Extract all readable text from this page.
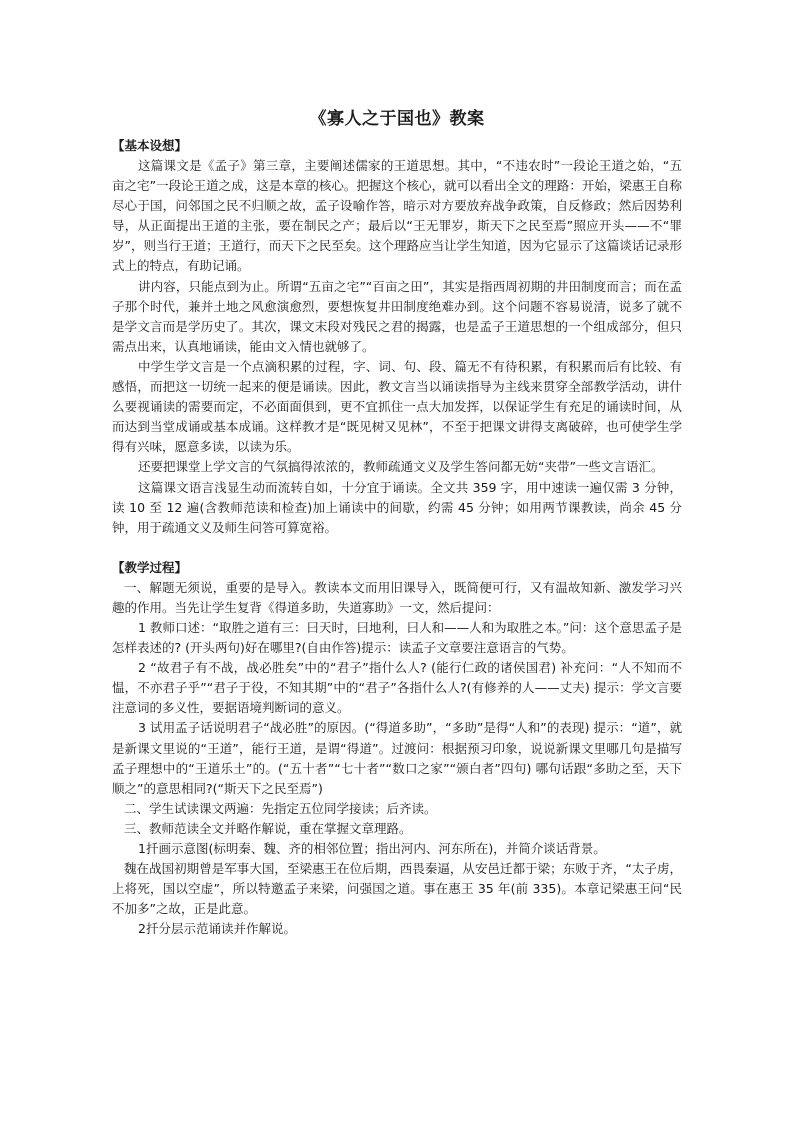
《寡人之于国也》教案
【基本设想】

这篇课文是《孟子》第三章，主要阐述儒家的王道思想。其中，“不违农时”一段论王道之始，“五亩之宅”一段论王道之成，这是本章的核心。把握这个核心，就可以看出全文的理路：开始，梁惠王自称尽心于国，问邻国之民不归顺之故，孟子设喻作答，暗示对方要放弃战争政策，自反修政；然后因势利导，从正面提出王道的主张，要在制民之产；最后以“王无罪岁，斯天下之民至焉”照应开头——不“罪岁”，则当行王道；王道行，而天下之民至矣。这个理路应当让学生知道，因为它显示了这篇谈话记录形式上的特点，有助记诵。

讲内容，只能点到为止。所谓“五亩之宅”“百亩之田”，其实是指西周初期的井田制度而言；而在孟子那个时代，兼并土地之风愈演愈烈，要想恢复井田制度绝难办到。这个问题不容易说清，说多了就不是学文言而是学历史了。其次，课文末段对残民之君的揭露，也是孟子王道思想的一个组成部分，但只需点出来，认真地诵读，能由文入情也就够了。

中学生学文言是一个点滴积累的过程，字、词、句、段、篇无不有待积累，有积累而后有比较、有感悟，而把这一切统一起来的便是诵读。因此，教文言当以诵读指导为主线来贯穿全部教学活动，讲什么要视诵读的需要而定，不必面面俱到，更不宜抓住一点大加发挥，以保证学生有充足的诵读时间，从而达到当堂成诵或基本成诵。这样教才是“既见树又见林”，不至于把课文讲得支离破碎，也可使学生学得有兴味，愿意多读，以读为乐。

还要把课堂上学文言的气氛搞得浓浓的，教师疏通文义及学生答问都无妨“夹带”一些文言语汇。

这篇课文语言浅显生动而流转自如，十分宜于诵读。全文共 359 字，用中速读一遍仅需 3 分钟，读 10 至 12 遍(含教师范读和检查)加上诵读中的间歇，约需 45 分钟；如用两节课教读，尚余 45 分钟，用于疏通文义及师生问答可算宽裕。

【教学过程】

一、解题无须说，重要的是导入。教读本文而用旧课导入，既简便可行，又有温故知新、激发学习兴趣的作用。当先让学生复背《得道多助，失道寡助》一文，然后提问：

1 教师口述：“取胜之道有三：曰天时，曰地利，曰人和——人和为取胜之本。”问：这个意思孟子是怎样表述的? (开头两句)好在哪里?(自由作答)提示：读孟子文章要注意语言的气势。

2 “故君子有不战，战必胜矣”中的“君子”指什么人? (能行仁政的诸侯国君) 补充问：“人不知而不愠，不亦君子乎”“君子于役，不知其期”中的“君子”各指什么人?(有修养的人——丈夫) 提示：学文言要注意词的多义性，要据语境判断词的意义。

3 试用孟子话说明君子“战必胜”的原因。(“得道多助”，“多助”是得“人和”的表现) 提示：“道”，就是新课文里说的“王道”，能行王道，是谓“得道”。过渡问：根据预习印象，说说新课文里哪几句是描写孟子理想中的“王道乐土”的。(“五十者”“七十者”“数口之家”“颁白者”四句) 哪句话跟“多助之至，天下顺之”的意思相同?(“斯天下之民至焉”)

二、学生试读课文两遍：先指定五位同学接读；后齐读。

三、教师范读全文并略作解说，重在掌握文章理路。

1扦画示意图(标明秦、魏、齐的相邻位置；指出河内、河东所在)，并简介谈话背景。

魏在战国初期曾是军事大国，至梁惠王在位后期，西畏秦逼，从安邑迁都于梁；东败于齐，“太子虏，上将死，国以空虚”，所以特邀孟子来梁，问强国之道。事在惠王 35 年(前 335)。本章记梁惠王问“民不加多”之故，正是此意。

2扦分层示范诵读并作解说。
